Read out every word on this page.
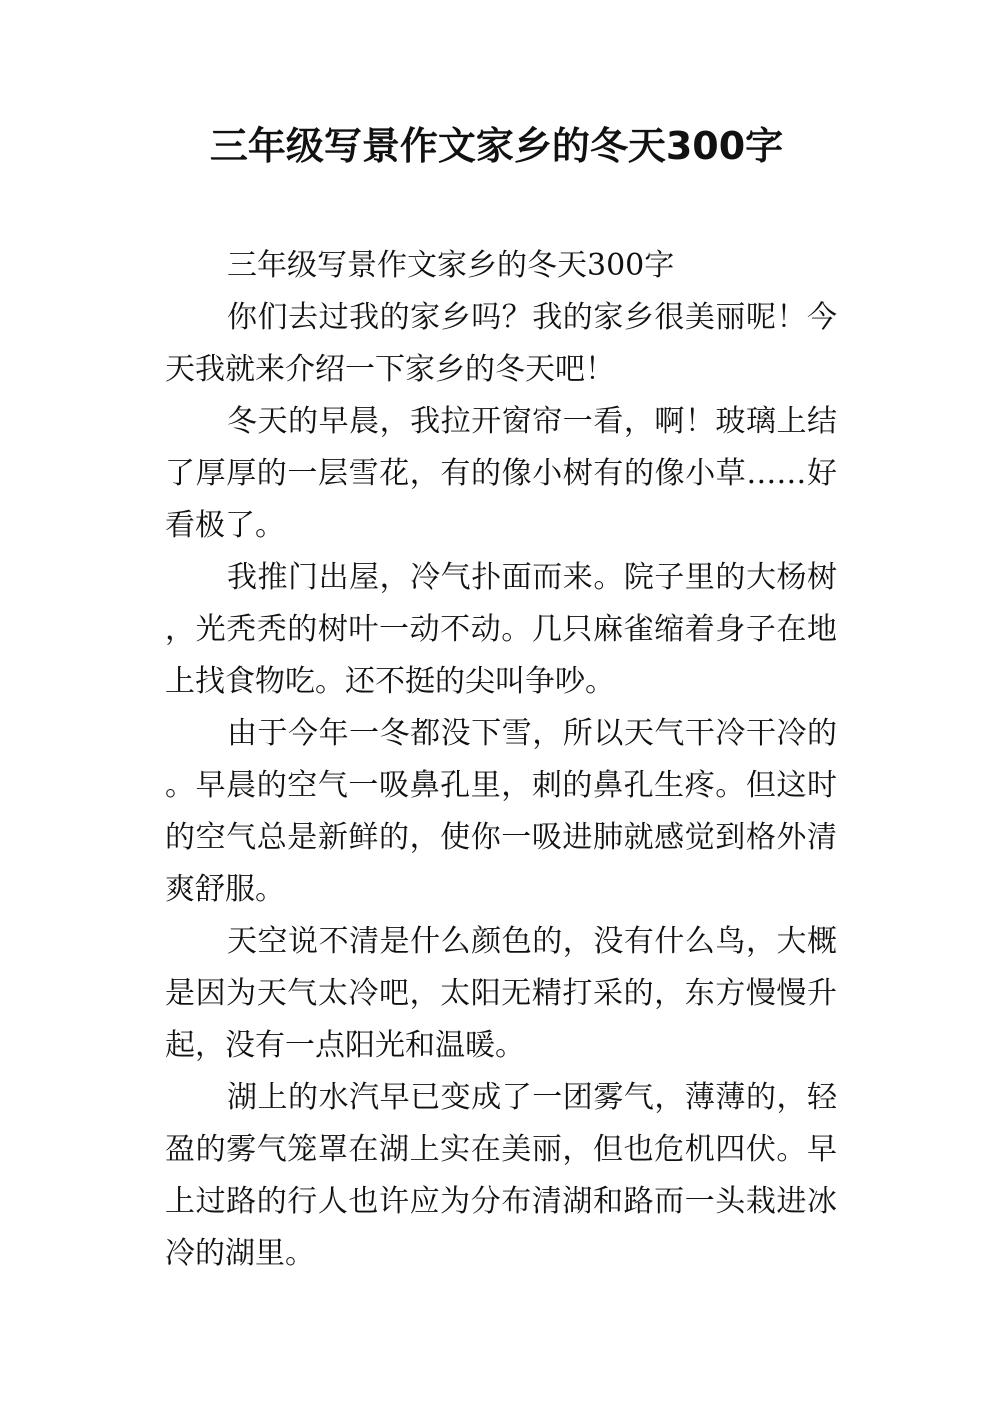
三年级写景作文家乡的冬天300字

三年级写景作文家乡的冬天300字

你们去过我的家乡吗？我的家乡很美丽呢！今天我就来介绍一下家乡的冬天吧！

冬天的早晨，我拉开窗帘一看，啊！玻璃上结了厚厚的一层雪花，有的像小树有的像小草……好看极了。

我推门出屋，冷气扑面而来。院子里的大杨树，光秃秃的树叶一动不动。几只麻雀缩着身子在地上找食物吃。还不挺的尖叫争吵。

由于今年一冬都没下雪，所以天气干冷干冷的。早晨的空气一吸鼻孔里，刺的鼻孔生疼。但这时的空气总是新鲜的，使你一吸进肺就感觉到格外清爽舒服。

天空说不清是什么颜色的，没有什么鸟，大概是因为天气太冷吧，太阳无精打采的，东方慢慢升起，没有一点阳光和温暖。

湖上的水汽早已变成了一团雾气，薄薄的，轻盈的雾气笼罩在湖上实在美丽，但也危机四伏。早上过路的行人也许应为分布清湖和路而一头栽进冰冷的湖里。
